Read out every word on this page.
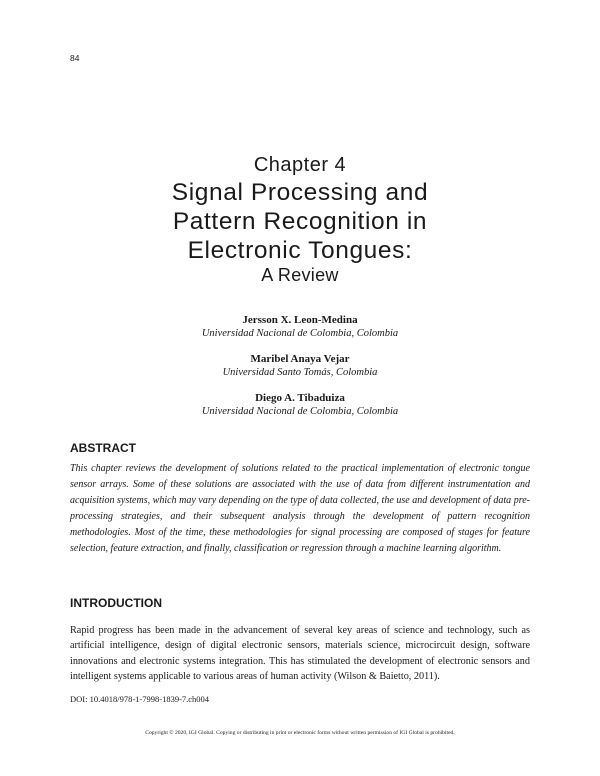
84
Chapter 4
Signal Processing and
Pattern Recognition in
Electronic Tongues:
A Review
Jersson X. Leon-Medina
Universidad Nacional de Colombia, Colombia
Maribel Anaya Vejar
Universidad Santo Tomás, Colombia
Diego A. Tibaduiza
Universidad Nacional de Colombia, Colombia
ABSTRACT
This chapter reviews the development of solutions related to the practical implementation of electronic tongue sensor arrays. Some of these solutions are associated with the use of data from different instrumentation and acquisition systems, which may vary depending on the type of data collected, the use and development of data pre-processing strategies, and their subsequent analysis through the development of pattern recognition methodologies. Most of the time, these methodologies for signal processing are composed of stages for feature selection, feature extraction, and finally, classification or regression through a machine learning algorithm.
INTRODUCTION
Rapid progress has been made in the advancement of several key areas of science and technology, such as artificial intelligence, design of digital electronic sensors, materials science, microcircuit design, software innovations and electronic systems integration. This has stimulated the development of electronic sensors and intelligent systems applicable to various areas of human activity (Wilson & Baietto, 2011).
DOI: 10.4018/978-1-7998-1839-7.ch004
Copyright © 2020, IGI Global. Copying or distributing in print or electronic forms without written permission of IGI Global is prohibited.
